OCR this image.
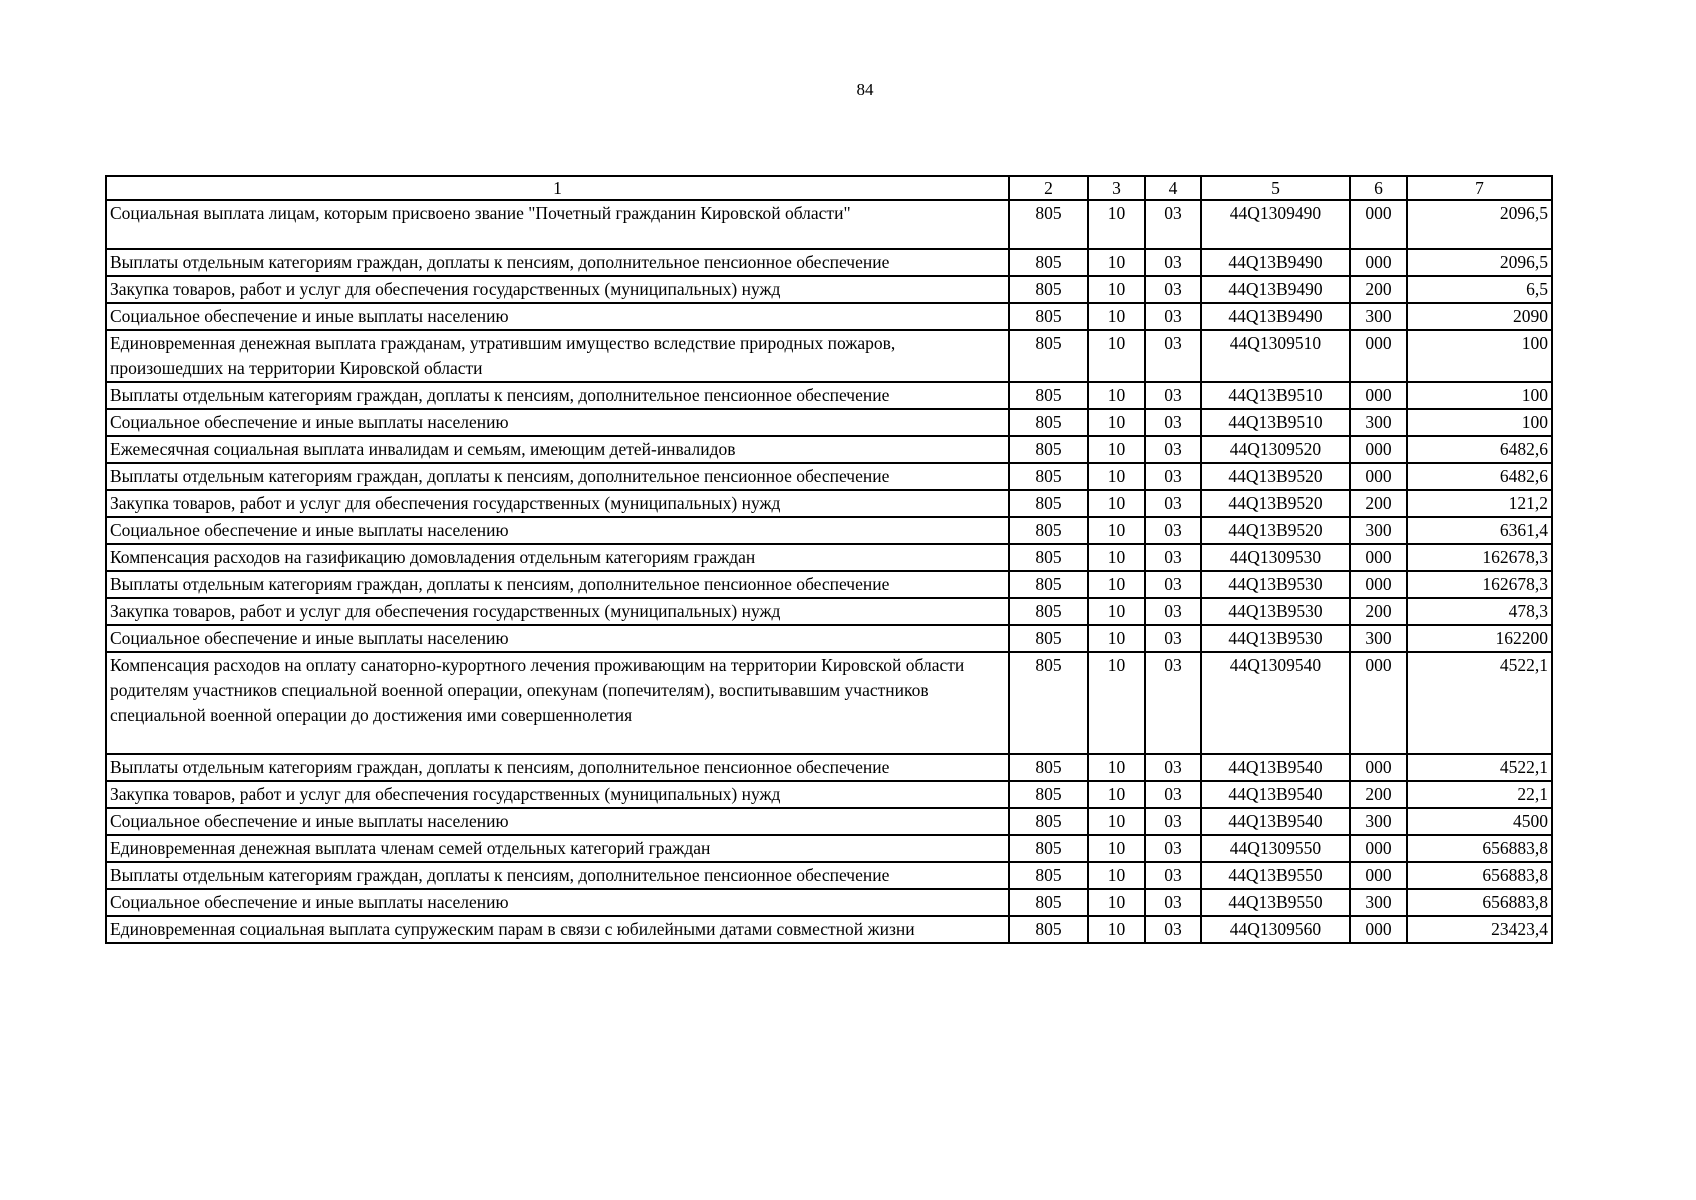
84
1	2	3	4	5	6	7
Социальная выплата лицам, которым присвоено звание "Почетный гражданин Кировской области"	805	10	03	44Q1309490	000	2096,5
Выплаты отдельным категориям граждан, доплаты к пенсиям, дополнительное пенсионное обеспечение	805	10	03	44Q13B9490	000	2096,5
Закупка товаров, работ и услуг для обеспечения государственных (муниципальных) нужд	805	10	03	44Q13B9490	200	6,5
Социальное обеспечение и иные выплаты населению	805	10	03	44Q13B9490	300	2090
Единовременная денежная выплата гражданам, утратившим имущество вследствие природных пожаров, произошедших на территории Кировской области	805	10	03	44Q1309510	000	100
Выплаты отдельным категориям граждан, доплаты к пенсиям, дополнительное пенсионное обеспечение	805	10	03	44Q13B9510	000	100
Социальное обеспечение и иные выплаты населению	805	10	03	44Q13B9510	300	100
Ежемесячная социальная выплата инвалидам и семьям, имеющим детей-инвалидов	805	10	03	44Q1309520	000	6482,6
Выплаты отдельным категориям граждан, доплаты к пенсиям, дополнительное пенсионное обеспечение	805	10	03	44Q13B9520	000	6482,6
Закупка товаров, работ и услуг для обеспечения государственных (муниципальных) нужд	805	10	03	44Q13B9520	200	121,2
Социальное обеспечение и иные выплаты населению	805	10	03	44Q13B9520	300	6361,4
Компенсация расходов на газификацию домовладения отдельным категориям граждан	805	10	03	44Q1309530	000	162678,3
Выплаты отдельным категориям граждан, доплаты к пенсиям, дополнительное пенсионное обеспечение	805	10	03	44Q13B9530	000	162678,3
Закупка товаров, работ и услуг для обеспечения государственных (муниципальных) нужд	805	10	03	44Q13B9530	200	478,3
Социальное обеспечение и иные выплаты населению	805	10	03	44Q13B9530	300	162200
Компенсация расходов на оплату санаторно-курортного лечения проживающим на территории Кировской области родителям участников специальной военной операции, опекунам (попечителям), воспитывавшим участников специальной военной операции до достижения ими совершеннолетия	805	10	03	44Q1309540	000	4522,1
Выплаты отдельным категориям граждан, доплаты к пенсиям, дополнительное пенсионное обеспечение	805	10	03	44Q13B9540	000	4522,1
Закупка товаров, работ и услуг для обеспечения государственных (муниципальных) нужд	805	10	03	44Q13B9540	200	22,1
Социальное обеспечение и иные выплаты населению	805	10	03	44Q13B9540	300	4500
Единовременная денежная выплата членам семей отдельных категорий граждан	805	10	03	44Q1309550	000	656883,8
Выплаты отдельным категориям граждан, доплаты к пенсиям, дополнительное пенсионное обеспечение	805	10	03	44Q13B9550	000	656883,8
Социальное обеспечение и иные выплаты населению	805	10	03	44Q13B9550	300	656883,8
Единовременная социальная выплата супружеским парам в связи с юбилейными датами совместной жизни	805	10	03	44Q1309560	000	23423,4
